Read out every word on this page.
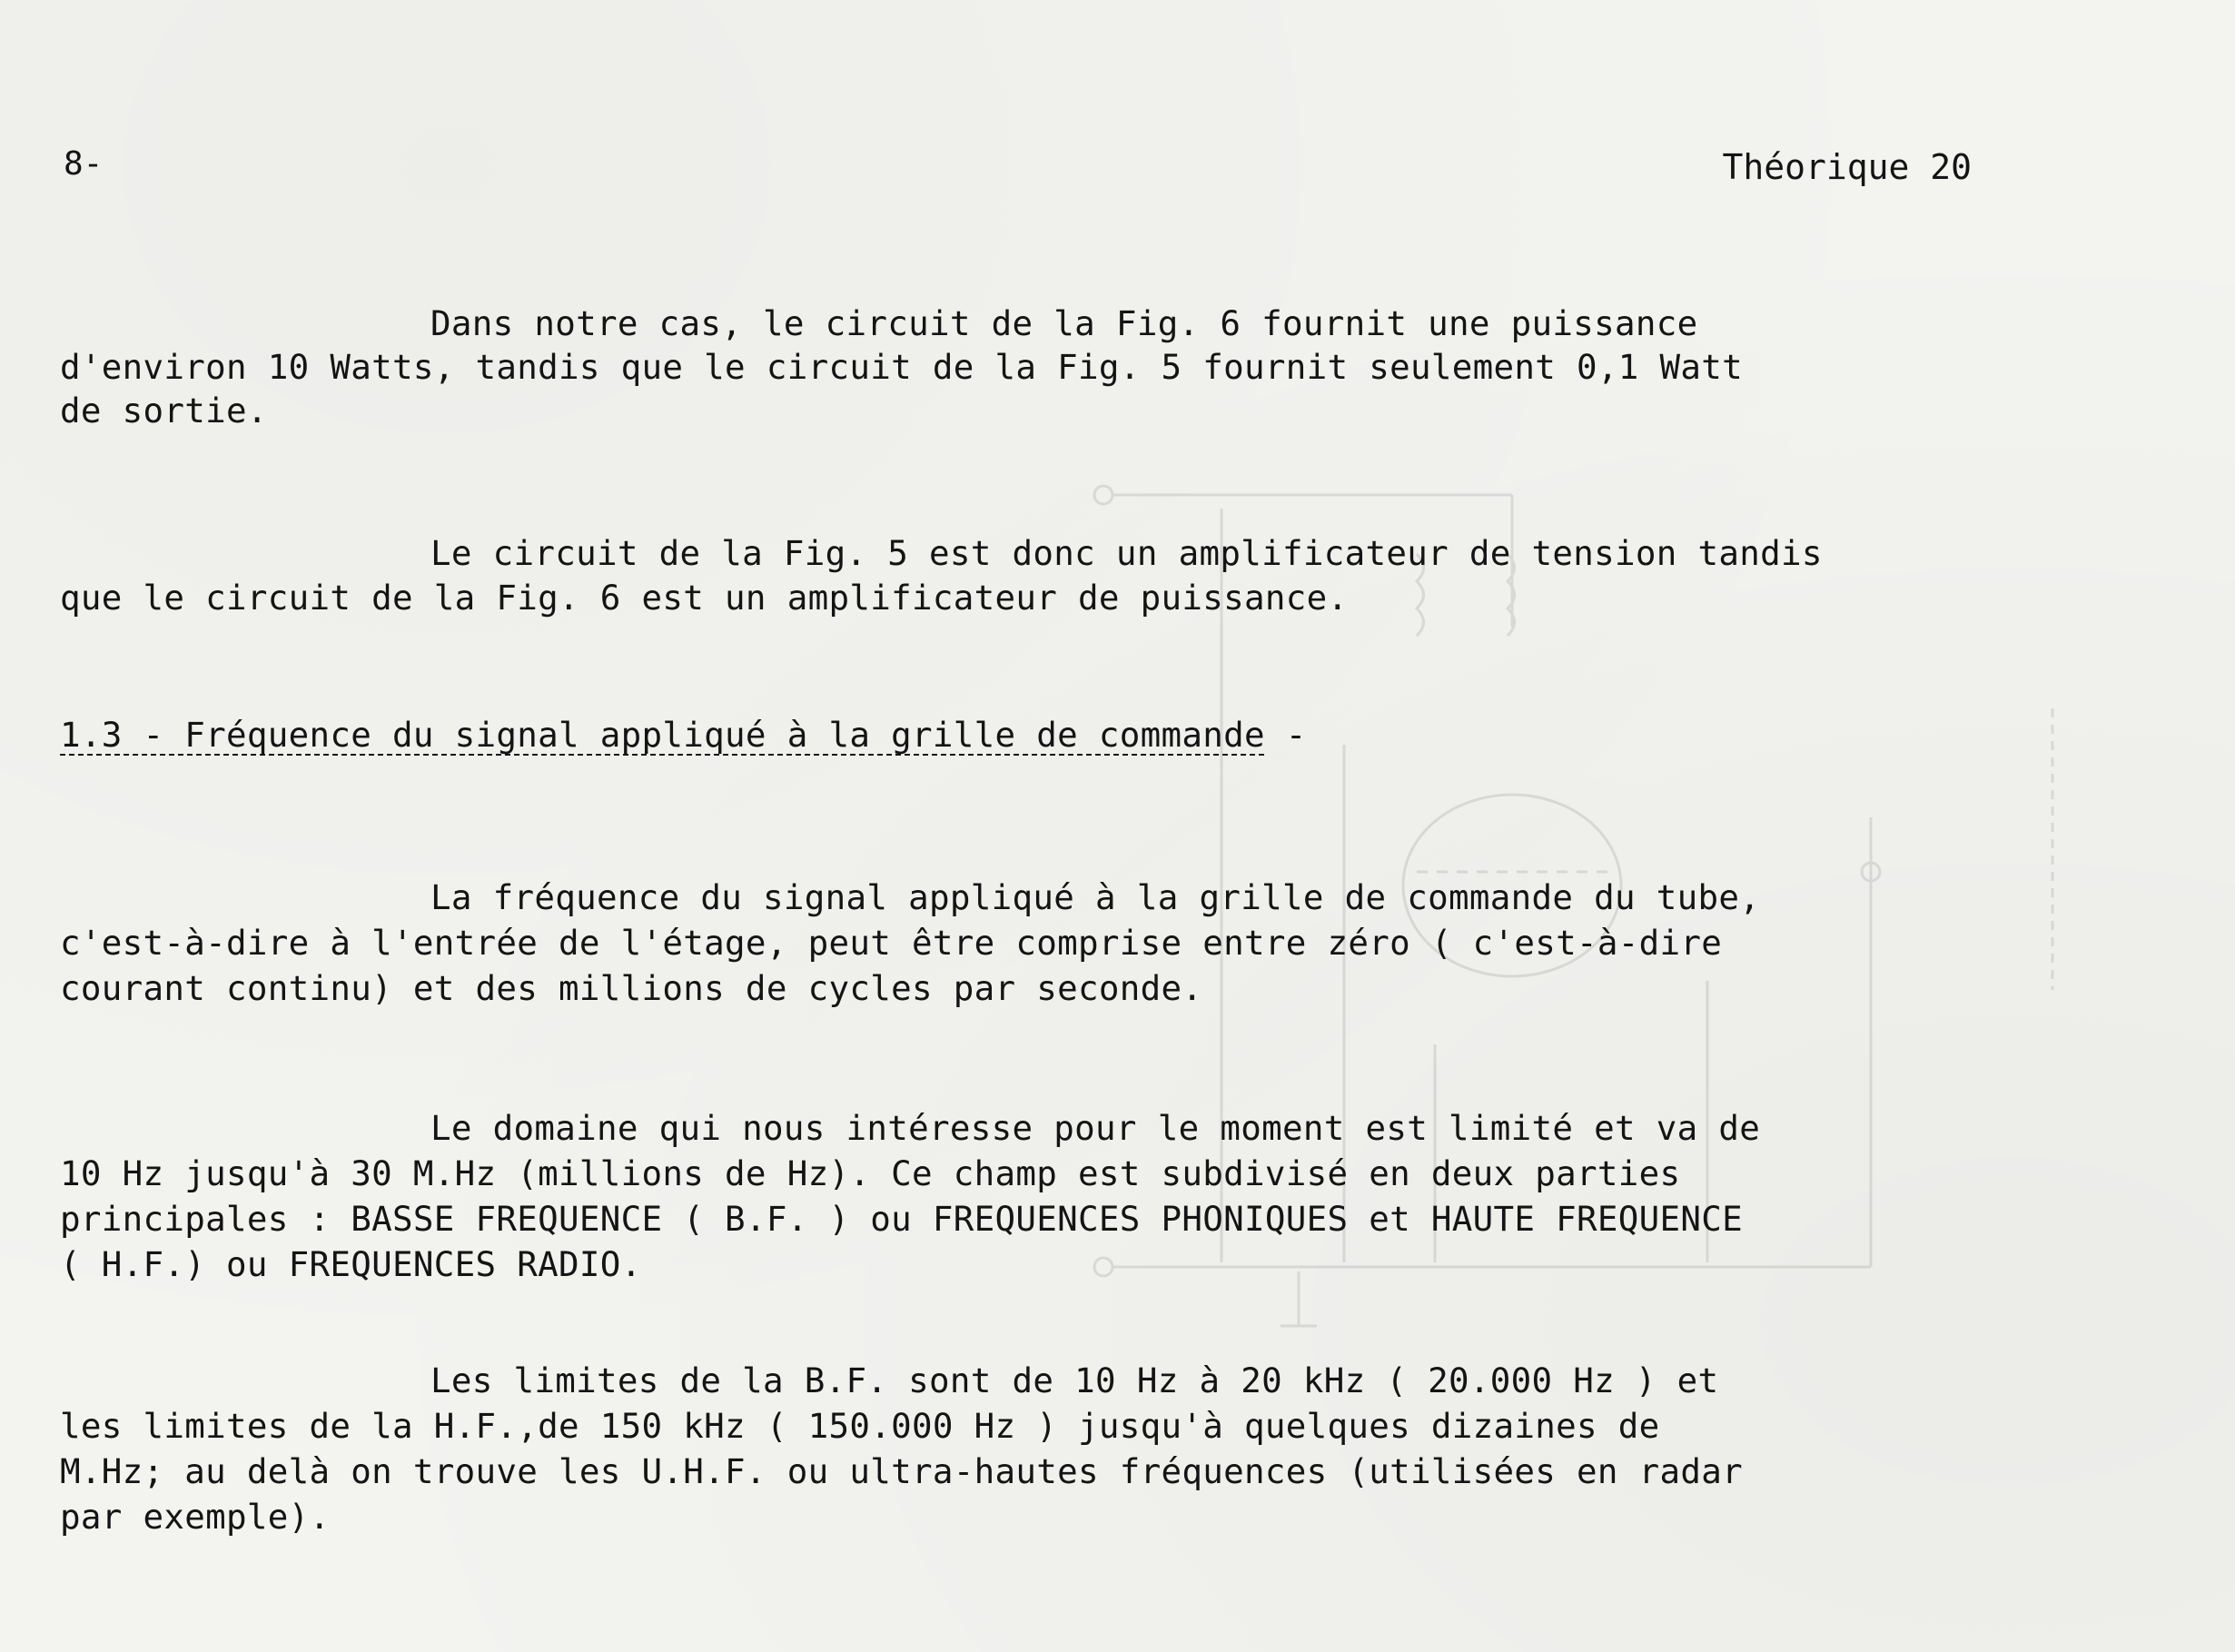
8-	Théorique 20
Dans notre cas, le circuit de la Fig. 6 fournit une puissance
d'environ 10 Watts, tandis que le circuit de la Fig. 5 fournit seulement 0,1 Watt
de sortie.
Le circuit de la Fig. 5 est donc un amplificateur de tension tandis
que le circuit de la Fig. 6 est un amplificateur de puissance.
1.3 - Fréquence du signal appliqué à la grille de commande -
La fréquence du signal appliqué à la grille de commande du tube,
c'est-à-dire à l'entrée de l'étage, peut être comprise entre zéro ( c'est-à-dire
courant continu) et des millions de cycles par seconde.
Le domaine qui nous intéresse pour le moment est limité et va de
10 Hz jusqu'à 30 M.Hz (millions de Hz). Ce champ est subdivisé en deux parties
principales : BASSE FREQUENCE ( B.F. ) ou FREQUENCES PHONIQUES et HAUTE FREQUENCE
( H.F.) ou FREQUENCES RADIO.
Les limites de la B.F. sont de 10 Hz à 20 kHz ( 20.000 Hz ) et
les limites de la H.F.,de 150 kHz ( 150.000 Hz ) jusqu'à quelques dizaines de
M.Hz; au delà on trouve les U.H.F. ou ultra-hautes fréquences (utilisées en radar
par exemple).
